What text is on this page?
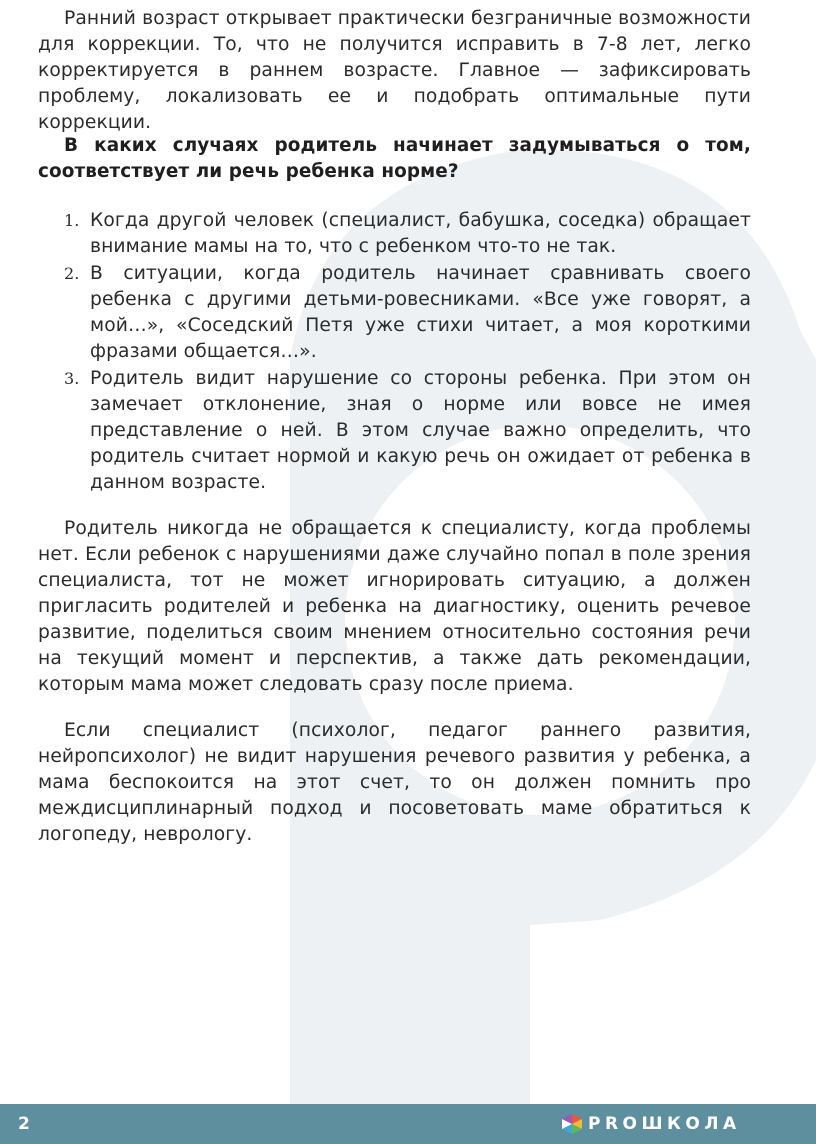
Ранний возраст открывает практически безграничные возможности для коррекции. То, что не получится исправить в 7-8 лет, легко корректируется в раннем возрасте. Главное — зафиксировать проблему, локализовать ее и подобрать оптимальные пути коррекции.

В каких случаях родитель начинает задумываться о том, соответствует ли речь ребенка норме?

1. Когда другой человек (специалист, бабушка, соседка) обращает внимание мамы на то, что с ребенком что-то не так.
2. В ситуации, когда родитель начинает сравнивать своего ребенка с другими детьми-ровесниками. «Все уже говорят, а мой…», «Соседский Петя уже стихи читает, а моя короткими фразами общается…».
3. Родитель видит нарушение со стороны ребенка. При этом он замечает отклонение, зная о норме или вовсе не имея представление о ней. В этом случае важно определить, что родитель считает нормой и какую речь он ожидает от ребенка в данном возрасте.

Родитель никогда не обращается к специалисту, когда проблемы нет. Если ребенок с нарушениями даже случайно попал в поле зрения специалиста, тот не может игнорировать ситуацию, а должен пригласить родителей и ребенка на диагностику, оценить речевое развитие, поделиться своим мнением относительно состояния речи на текущий момент и перспектив, а также дать рекомендации, которым мама может следовать сразу после приема.

Если специалист (психолог, педагог раннего развития, нейропсихолог) не видит нарушения речевого развития у ребенка, а мама беспокоится на этот счет, то он должен помнить про междисциплинарный подход и посоветовать маме обратиться к логопеду, неврологу.

2	PROШКОЛА
